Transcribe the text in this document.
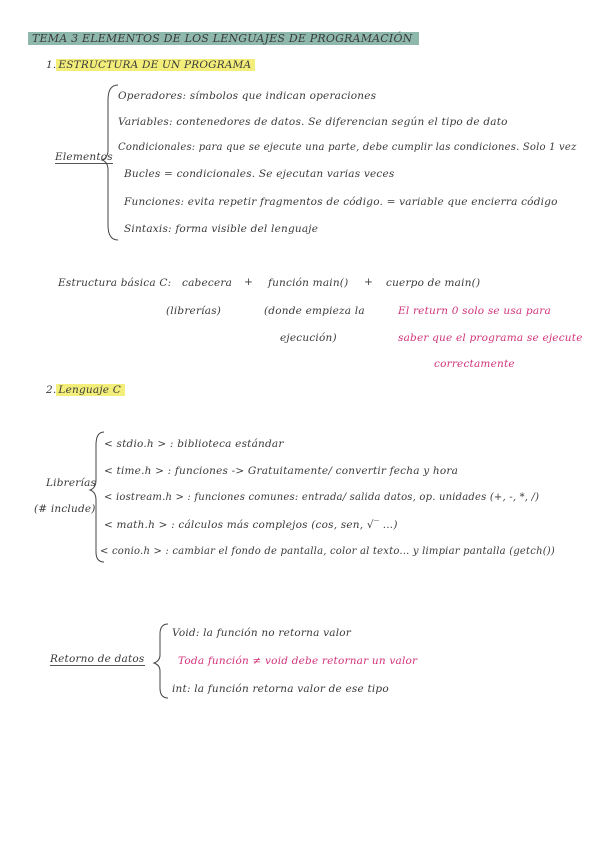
TEMA 3 ELEMENTOS DE LOS LENGUAJES DE PROGRAMACIÓN
1. ESTRUCTURA DE UN PROGRAMA
Elementos
Operadores: símbolos que indican operaciones
Variables: contenedores de datos. Se diferencian según el tipo de dato
Condicionales: para que se ejecute una parte, debe cumplir las condiciones. Solo 1 vez
Bucles = condicionales. Se ejecutan varias veces
Funciones: evita repetir fragmentos de código. = variable que encierra código
Sintaxis: forma visible del lenguaje
Estructura básica C: cabecera + función main() + cuerpo de main()
(librerías)	(donde empieza la
ejecución)
El return 0 solo se usa para
saber que el programa se ejecute
correctamente
2. Lenguaje C
Librerías
(# include)
< stdio.h > : biblioteca estándar
< time.h > : funciones -> Gratuitamente/ convertir fecha y hora
< iostream.h > : funciones comunes: entrada/ salida datos, op. unidades (+, -, *, /)
< math.h > : cálculos más complejos (cos, sen, √‾ ...)
< conio.h > : cambiar el fondo de pantalla, color al texto... y limpiar pantalla (getch())
Retorno de datos
Void: la función no retorna valor
Toda función ≠ void debe retornar un valor
int: la función retorna valor de ese tipo
